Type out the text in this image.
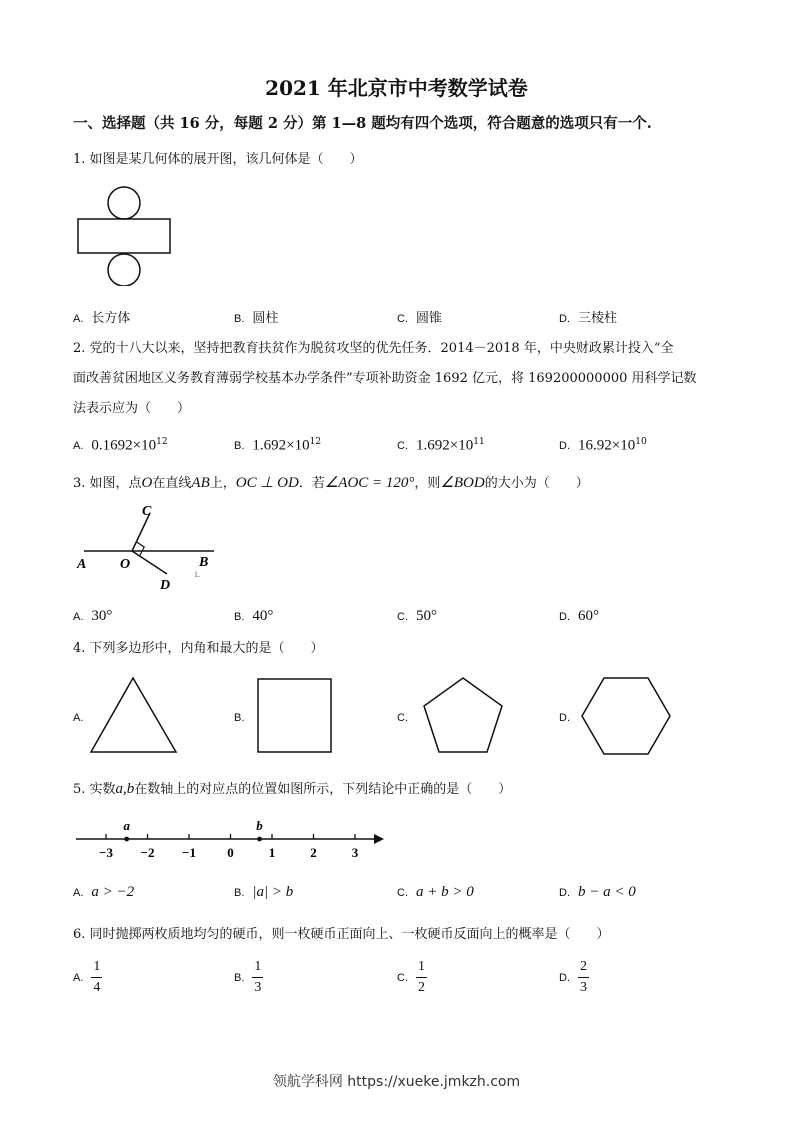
2021 年北京市中考数学试卷
一、选择题（共 16 分，每题 2 分）第 1—8 题均有四个选项，符合题意的选项只有一个.
1. 如图是某几何体的展开图，该几何体是（　　）
A. 长方体	B. 圆柱	C. 圆锥	D. 三棱柱
2. 党的十八大以来，坚持把教育扶贫作为脱贫攻坚的优先任务．2014－2018 年，中央财政累计投入“全
面改善贫困地区义务教育薄弱学校基本办学条件”专项补助资金 1692 亿元，将 169200000000 用科学记数
法表示应为（　　）
A. $0.1692\times 10^{12}$	B. $1.692\times 10^{12}$	C. $1.692\times 10^{11}$	D. $16.92\times 10^{10}$
3. 如图，点O在直线AB上，OC ⊥ OD．若∠AOC = 120°，则∠BOD的大小为（　　）
A O	B
C
D
1.
A. 30°	B. 40°	C. 50°	D. 60°
4. 下列多边形中，内角和最大的是（　　）
A.	B.	C.	D.
5. 实数a,b在数轴上的对应点的位置如图所示，下列结论中正确的是（　　）
−3 −2 −1 0	1	2	3
a	b
A. a > −2	B. |a| > b	C. a + b > 0	D. b − a < 0
6. 同时抛掷两枚质地均匀的硬币，则一枚硬币正面向上、一枚硬币反面向上的概率是（　　）
A. $\frac{1}{4}$	B. $\frac{1}{3}$	C. $\frac{1}{2}$	D. $\frac{2}{3}$
领航学科网 https://xueke.jmkzh.com
